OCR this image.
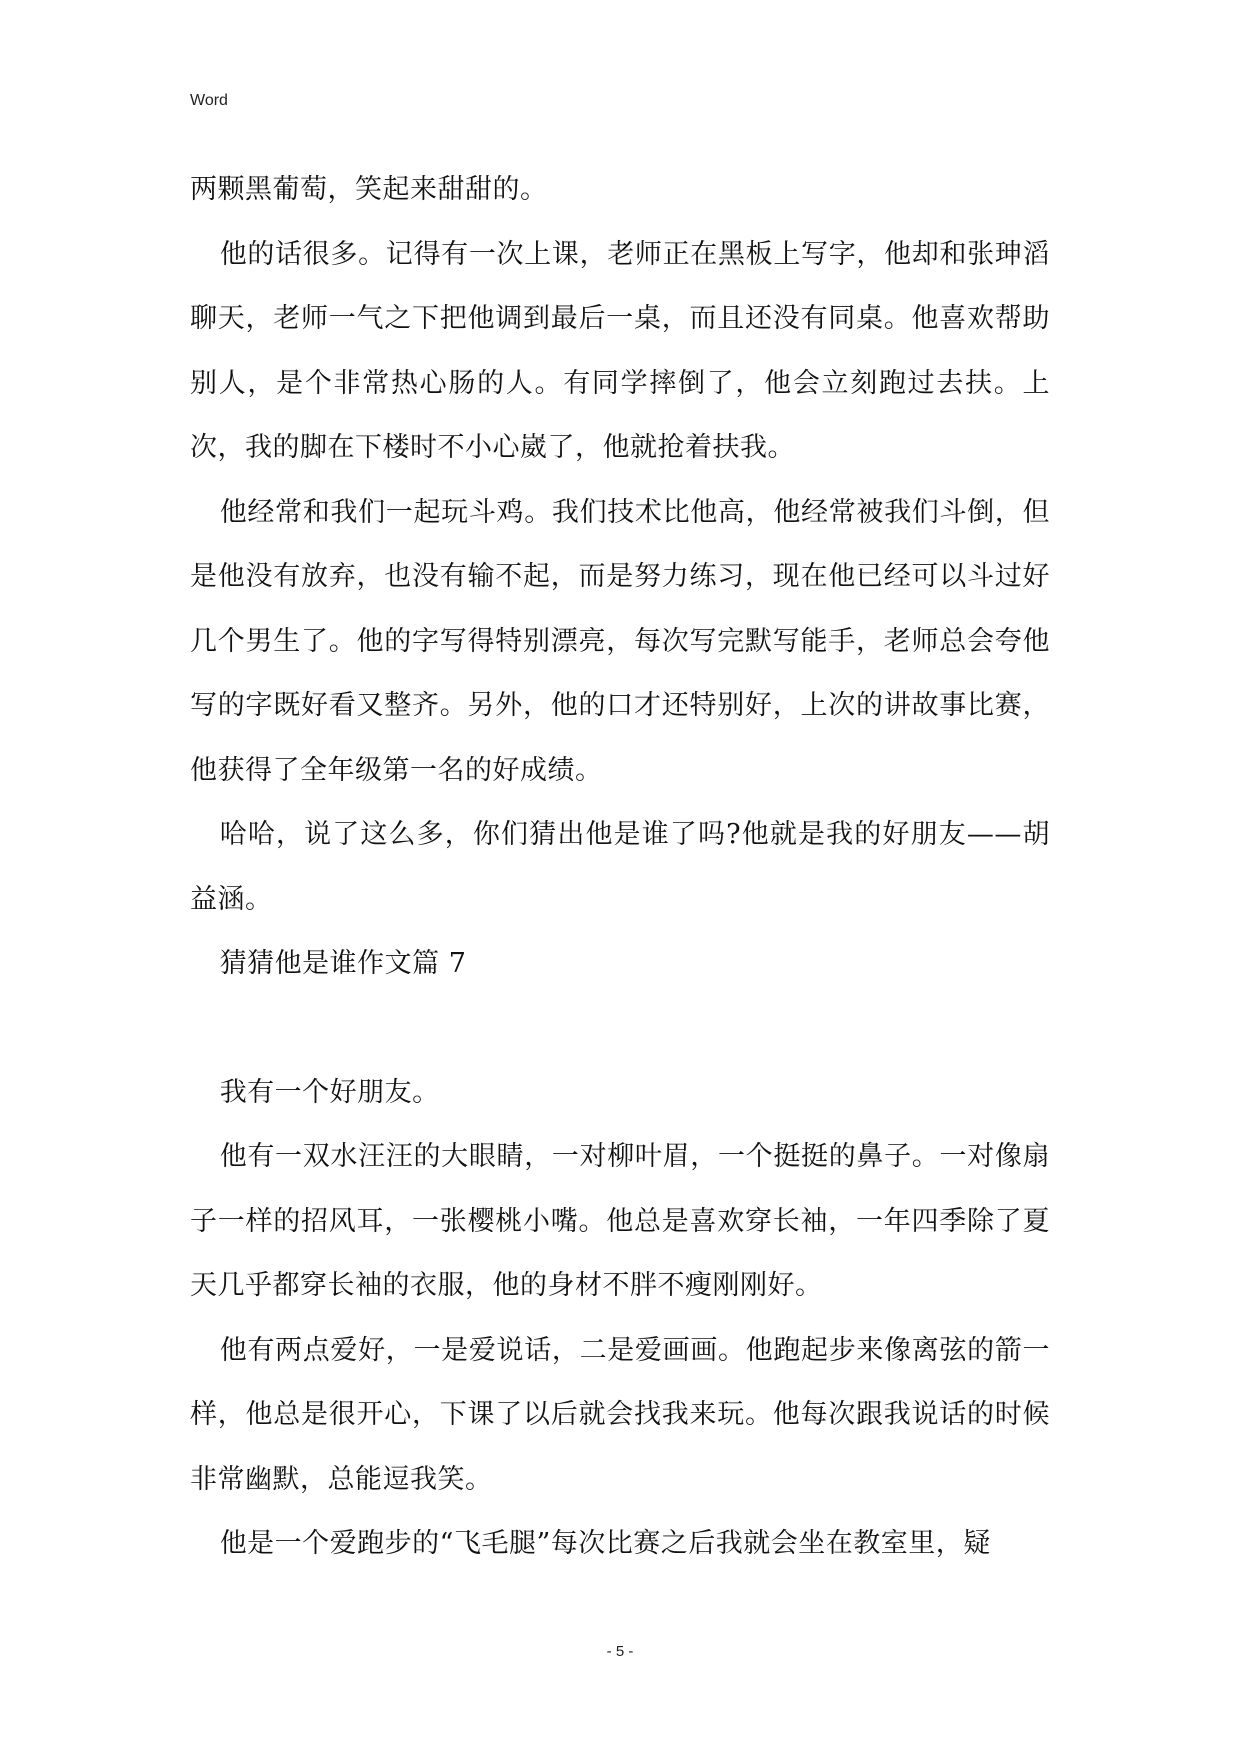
Word

两颗黑葡萄，笑起来甜甜的。

他的话很多。记得有一次上课，老师正在黑板上写字，他却和张珅滔聊天，老师一气之下把他调到最后一桌，而且还没有同桌。他喜欢帮助别人，是个非常热心肠的人。有同学摔倒了，他会立刻跑过去扶。上次，我的脚在下楼时不小心崴了，他就抢着扶我。

他经常和我们一起玩斗鸡。我们技术比他高，他经常被我们斗倒，但是他没有放弃，也没有输不起，而是努力练习，现在他已经可以斗过好几个男生了。他的字写得特别漂亮，每次写完默写能手，老师总会夸他写的字既好看又整齐。另外，他的口才还特别好，上次的讲故事比赛，他获得了全年级第一名的好成绩。

哈哈，说了这么多，你们猜出他是谁了吗?他就是我的好朋友——胡益涵。

猜猜他是谁作文篇 7

我有一个好朋友。

他有一双水汪汪的大眼睛，一对柳叶眉，一个挺挺的鼻子。一对像扇子一样的招风耳，一张樱桃小嘴。他总是喜欢穿长袖，一年四季除了夏天几乎都穿长袖的衣服，他的身材不胖不瘦刚刚好。

他有两点爱好，一是爱说话，二是爱画画。他跑起步来像离弦的箭一样，他总是很开心，下课了以后就会找我来玩。他每次跟我说话的时候非常幽默，总能逗我笑。

他是一个爱跑步的“飞毛腿”每次比赛之后我就会坐在教室里，疑

- 5 -
